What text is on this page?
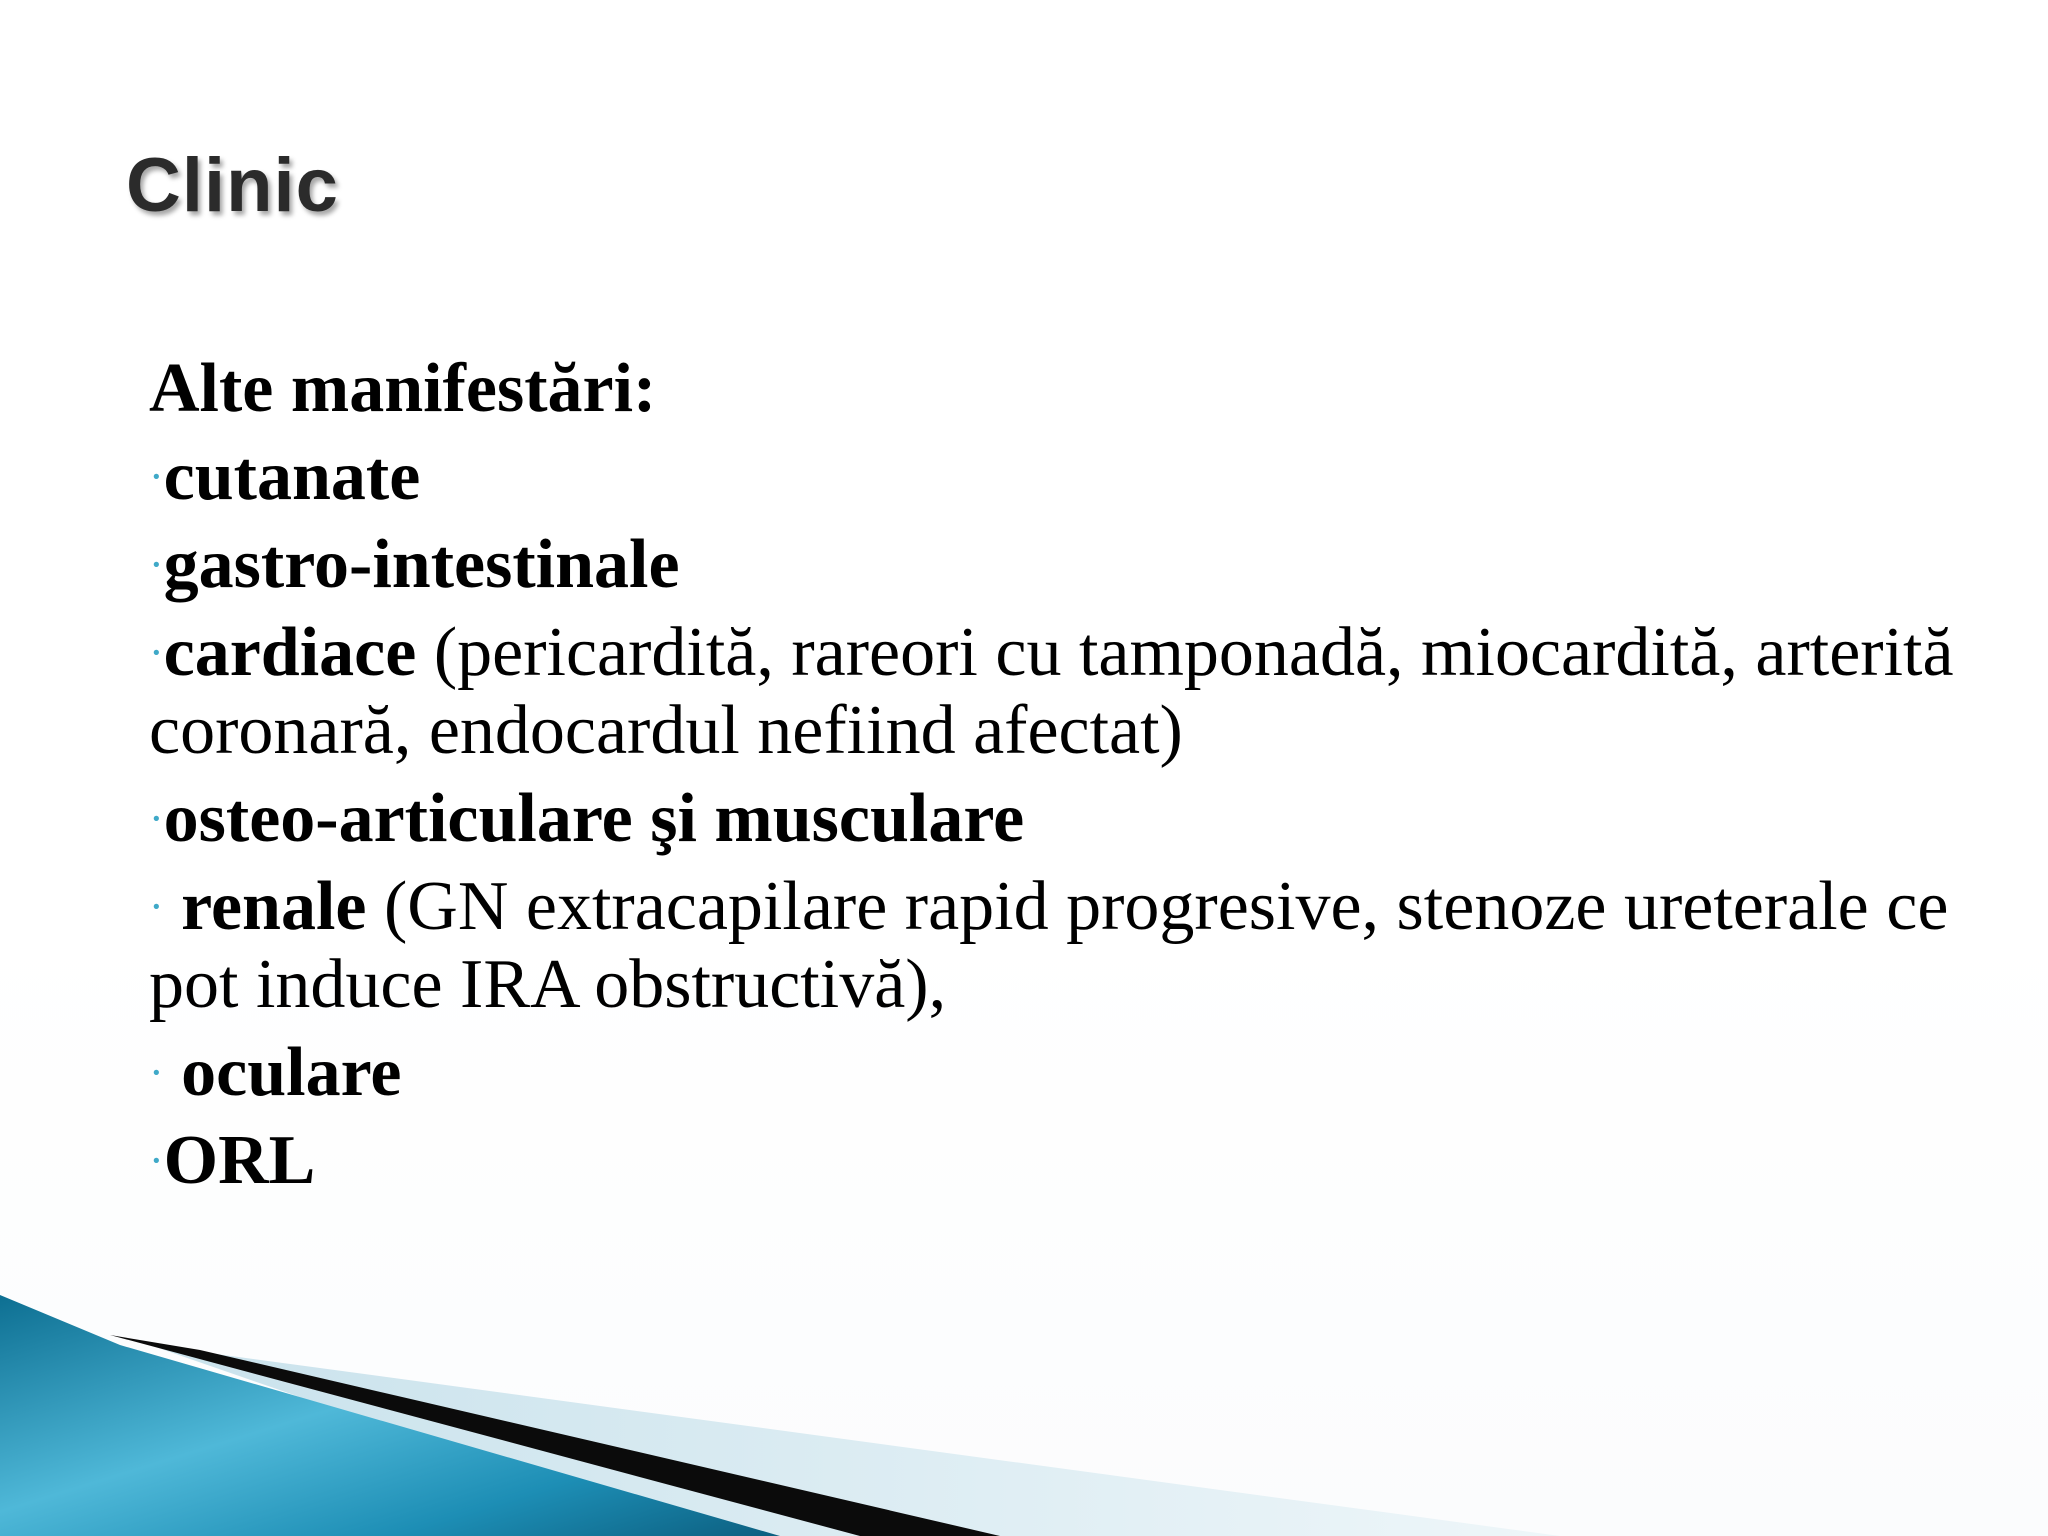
Clinic
Alte manifestări:
·cutanate
·gastro-intestinale
·cardiace (pericardită, rareori cu tamponadă, miocardită, arterită coronară, endocardul nefiind afectat)
·osteo-articulare şi musculare
· renale (GN extracapilare rapid progresive, stenoze ureterale ce pot induce IRA obstructivă),
· oculare
·ORL
